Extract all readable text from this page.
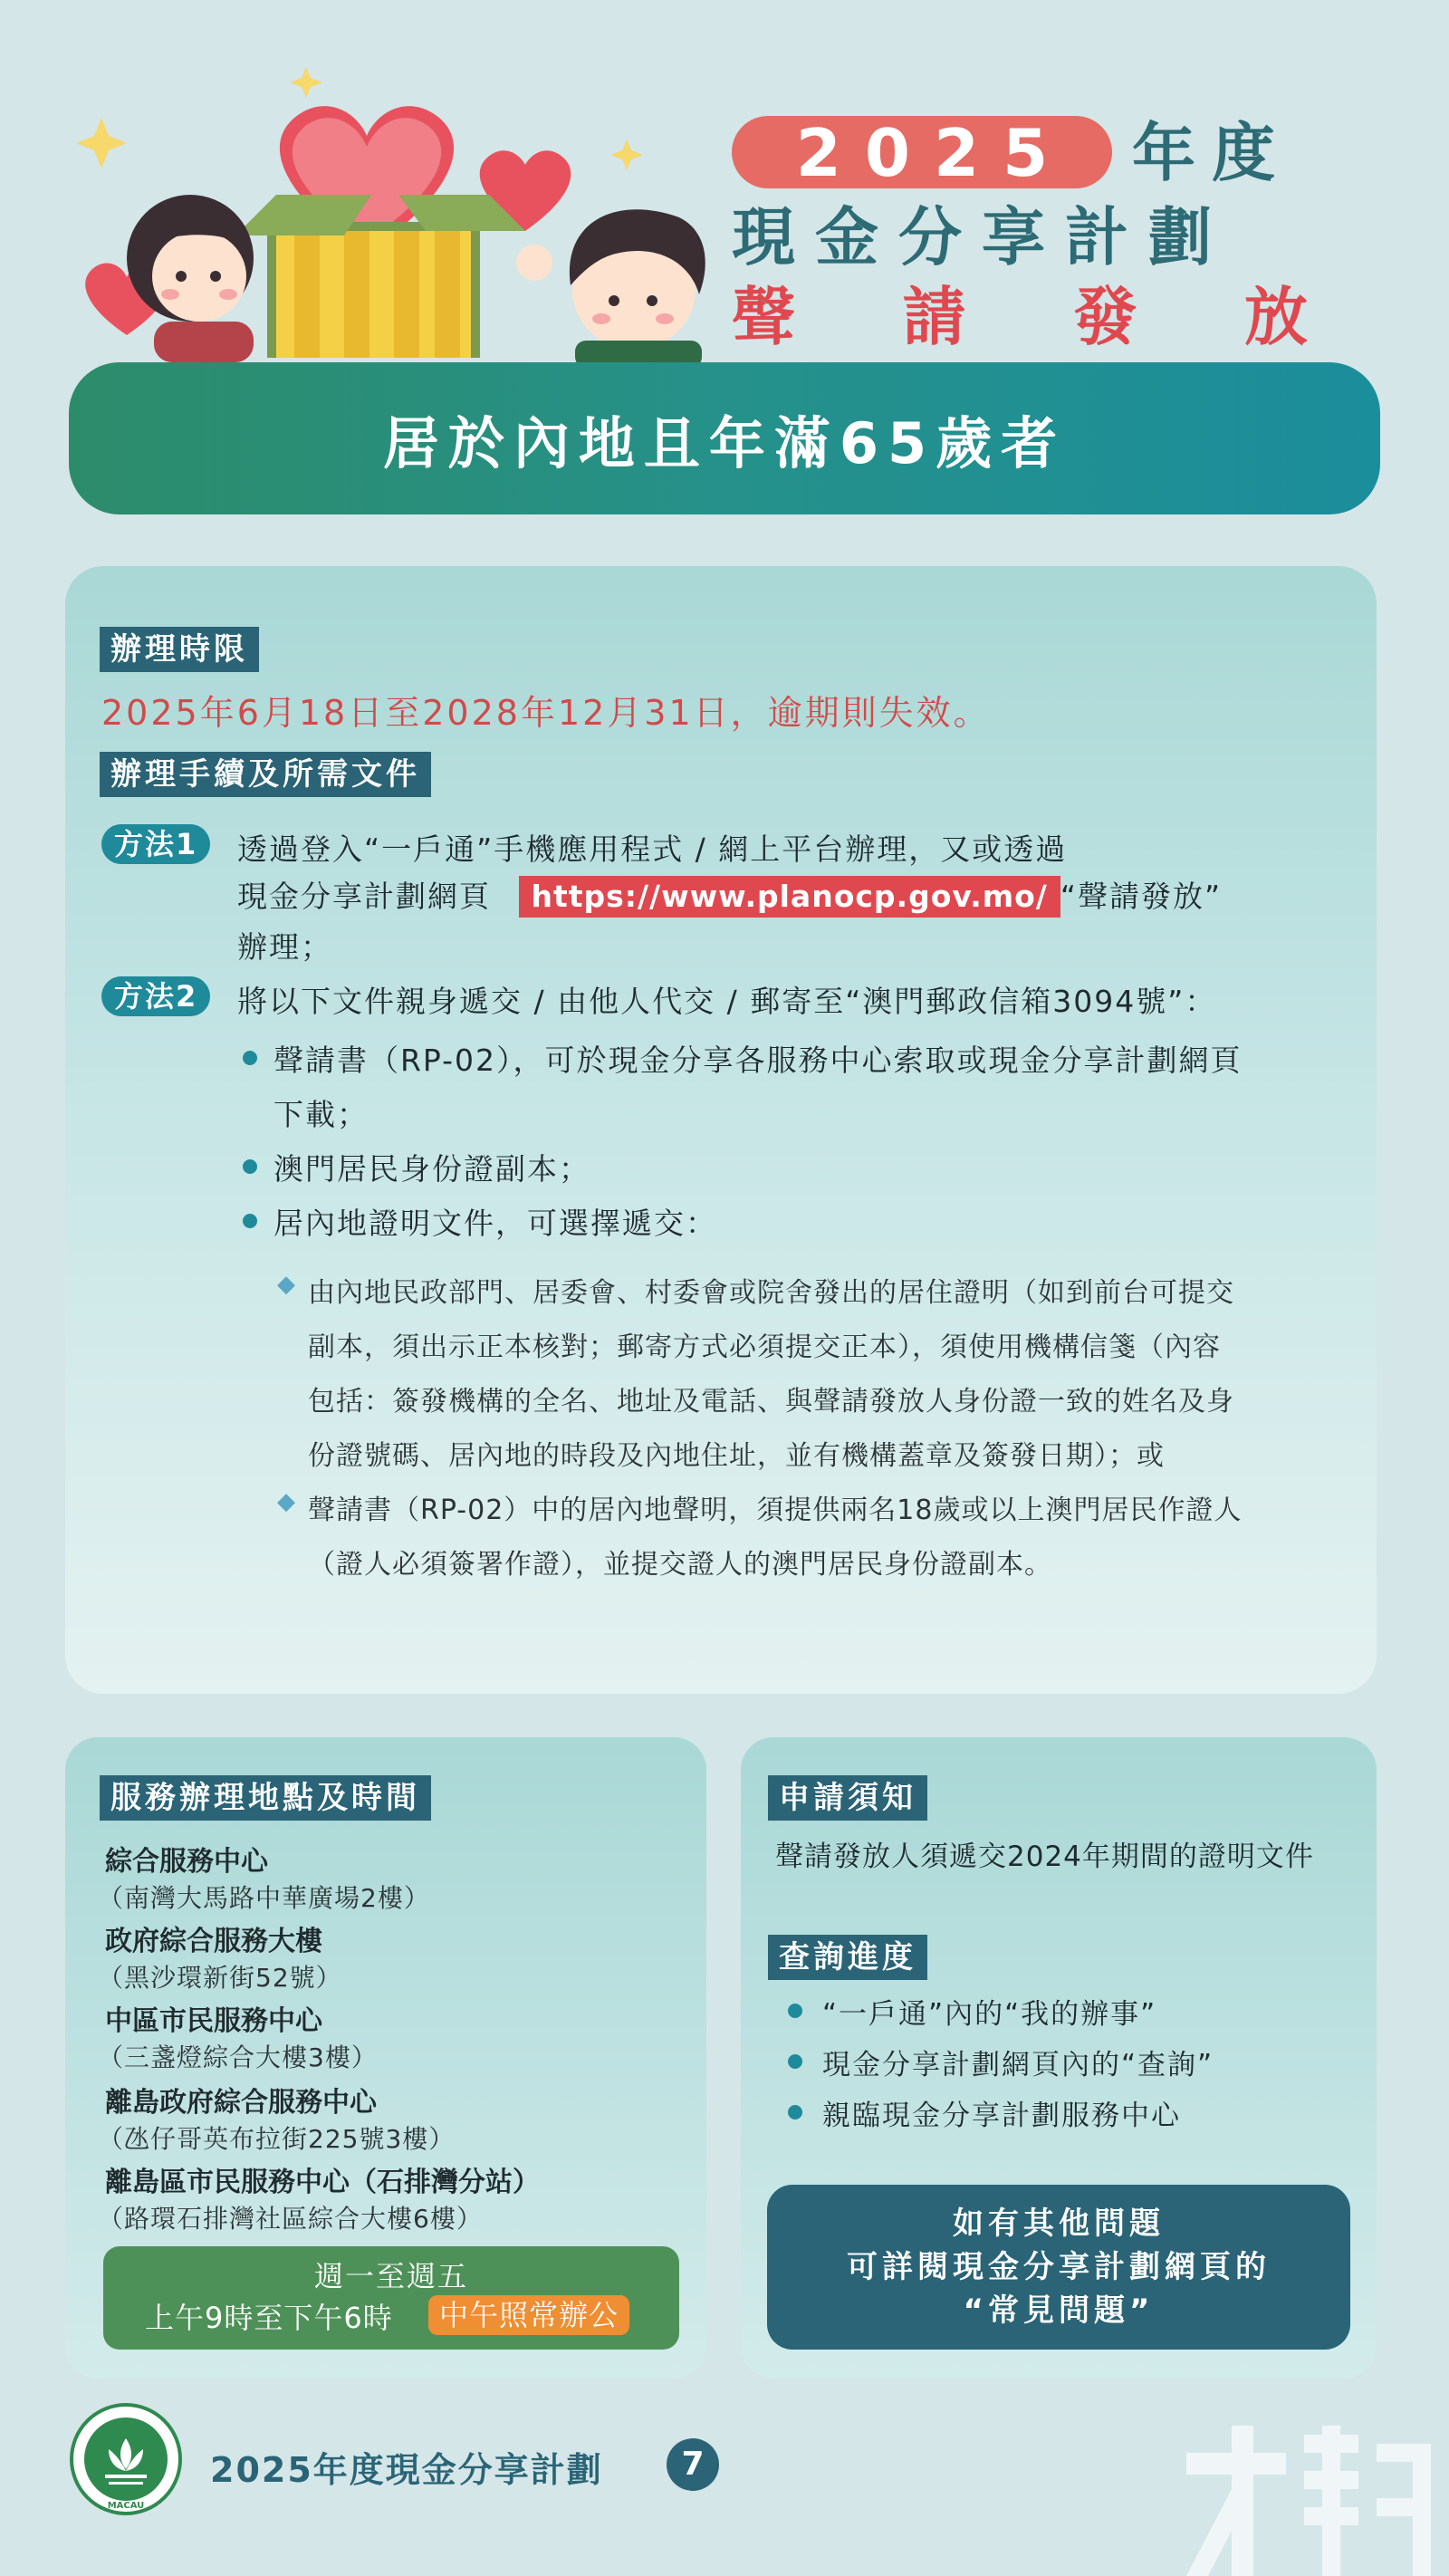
2025 年度
現金分享計劃
聲 請 發 放
居於內地且年滿65歲者
辦理時限
2025年6月18日至2028年12月31日，逾期則失效。
辦理手續及所需文件
方法1	透過登入“一戶通”手機應用程式 / 網上平台辦理，又或透過
現金分享計劃網頁 https://www.planocp.gov.mo/ “聲請發放”
辦理；
方法2	將以下文件親身遞交 / 由他人代交 / 郵寄至“澳門郵政信箱3094號”：
聲請書（RP-02），可於現金分享各服務中心索取或現金分享計劃網頁
下載；
澳門居民身份證副本；
居內地證明文件，可選擇遞交：
◆ 由內地民政部門、居委會、村委會或院舍發出的居住證明（如到前台可提交
副本，須出示正本核對；郵寄方式必須提交正本），須使用機構信箋（內容
包括：簽發機構的全名、地址及電話、與聲請發放人身份證一致的姓名及身
份證號碼、居內地的時段及內地住址，並有機構蓋章及簽發日期）；或
◆ 聲請書（RP-02）中的居內地聲明，須提供兩名18歲或以上澳門居民作證人
（證人必須簽署作證），並提交證人的澳門居民身份證副本。
服務辦理地點及時間
綜合服務中心
（南灣大馬路中華廣場2樓）
政府綜合服務大樓
（黑沙環新街52號）
中區市民服務中心
（三盞燈綜合大樓3樓）
離島政府綜合服務中心
（氹仔哥英布拉街225號3樓）
離島區市民服務中心（石排灣分站）
（路環石排灣社區綜合大樓6樓）
週一至週五
上午9時至下午6時	中午照常辦公
申請須知
聲請發放人須遞交2024年期間的證明文件
查詢進度
“一戶通”內的“我的辦事”
現金分享計劃網頁內的“查詢”
親臨現金分享計劃服務中心
如有其他問題
可詳閱現金分享計劃網頁的
“常見問題”
MACAU
2025年度現金分享計劃	7
